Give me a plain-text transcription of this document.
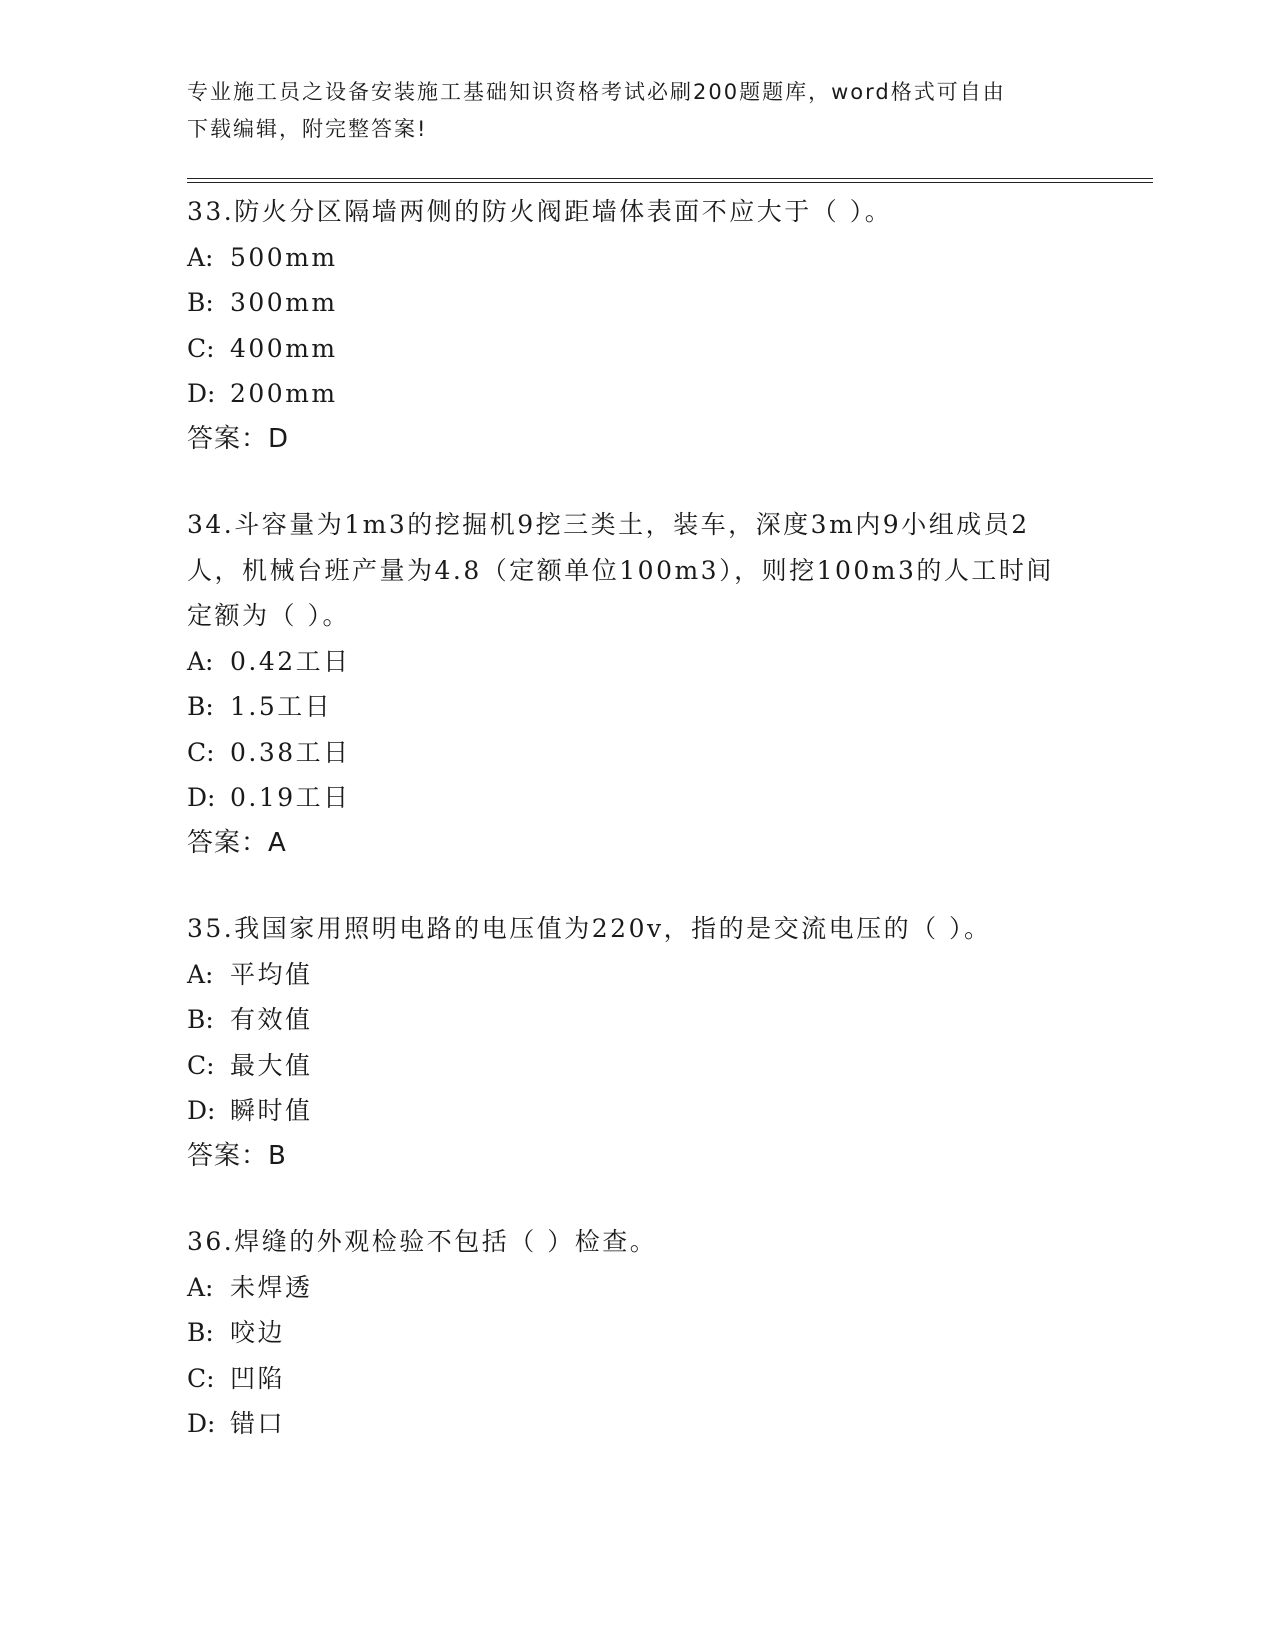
专业施工员之设备安装施工基础知识资格考试必刷200题题库，word格式可自由
下载编辑，附完整答案!
33.防火分区隔墙两侧的防火阀距墙体表面不应大于（ ）。
A: 500mm
B: 300mm
C: 400mm
D: 200mm
答案：D
34.斗容量为1m3的挖掘机9挖三类土，装车，深度3m内9小组成员2人，机械台班产量为4.8（定额单位100m3），则挖100m3的人工时间定额为（ ）。
A: 0.42工日
B: 1.5工日
C: 0.38工日
D: 0.19工日
答案：A
35.我国家用照明电路的电压值为220v，指的是交流电压的（ ）。
A: 平均值
B: 有效值
C: 最大值
D: 瞬时值
答案：B
36.焊缝的外观检验不包括（ ）检查。
A: 未焊透
B: 咬边
C: 凹陷
D: 错口
